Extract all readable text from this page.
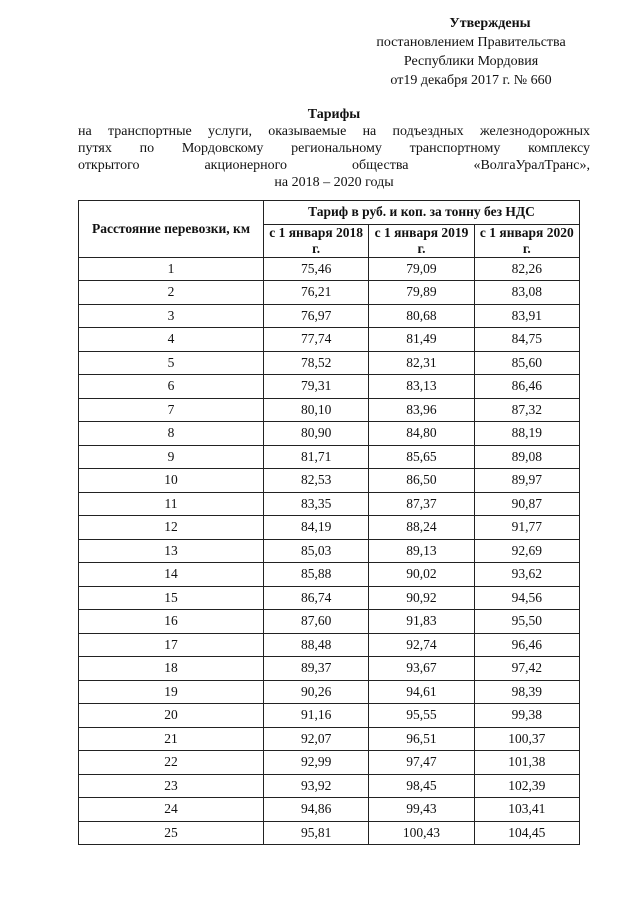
Утверждены
постановлением Правительства
Республики Мордовия
от19 декабря 2017 г. № 660
Тарифы
на транспортные услуги, оказываемые на подъездных железнодорожных
путях по Мордовскому региональному транспортному комплексу
открытого акционерного общества «ВолгаУралТранс»,
на 2018 – 2020 годы
Расстояние перевозки, км	Тариф в руб. и коп. за тонну без НДС		
	с 1 января 2018 г.	с 1 января 2019 г.	с 1 января 2020 г.
1	75,46	79,09	82,26
2	76,21	79,89	83,08
3	76,97	80,68	83,91
4	77,74	81,49	84,75
5	78,52	82,31	85,60
6	79,31	83,13	86,46
7	80,10	83,96	87,32
8	80,90	84,80	88,19
9	81,71	85,65	89,08
10	82,53	86,50	89,97
11	83,35	87,37	90,87
12	84,19	88,24	91,77
13	85,03	89,13	92,69
14	85,88	90,02	93,62
15	86,74	90,92	94,56
16	87,60	91,83	95,50
17	88,48	92,74	96,46
18	89,37	93,67	97,42
19	90,26	94,61	98,39
20	91,16	95,55	99,38
21	92,07	96,51	100,37
22	92,99	97,47	101,38
23	93,92	98,45	102,39
24	94,86	99,43	103,41
25	95,81	100,43	104,45
